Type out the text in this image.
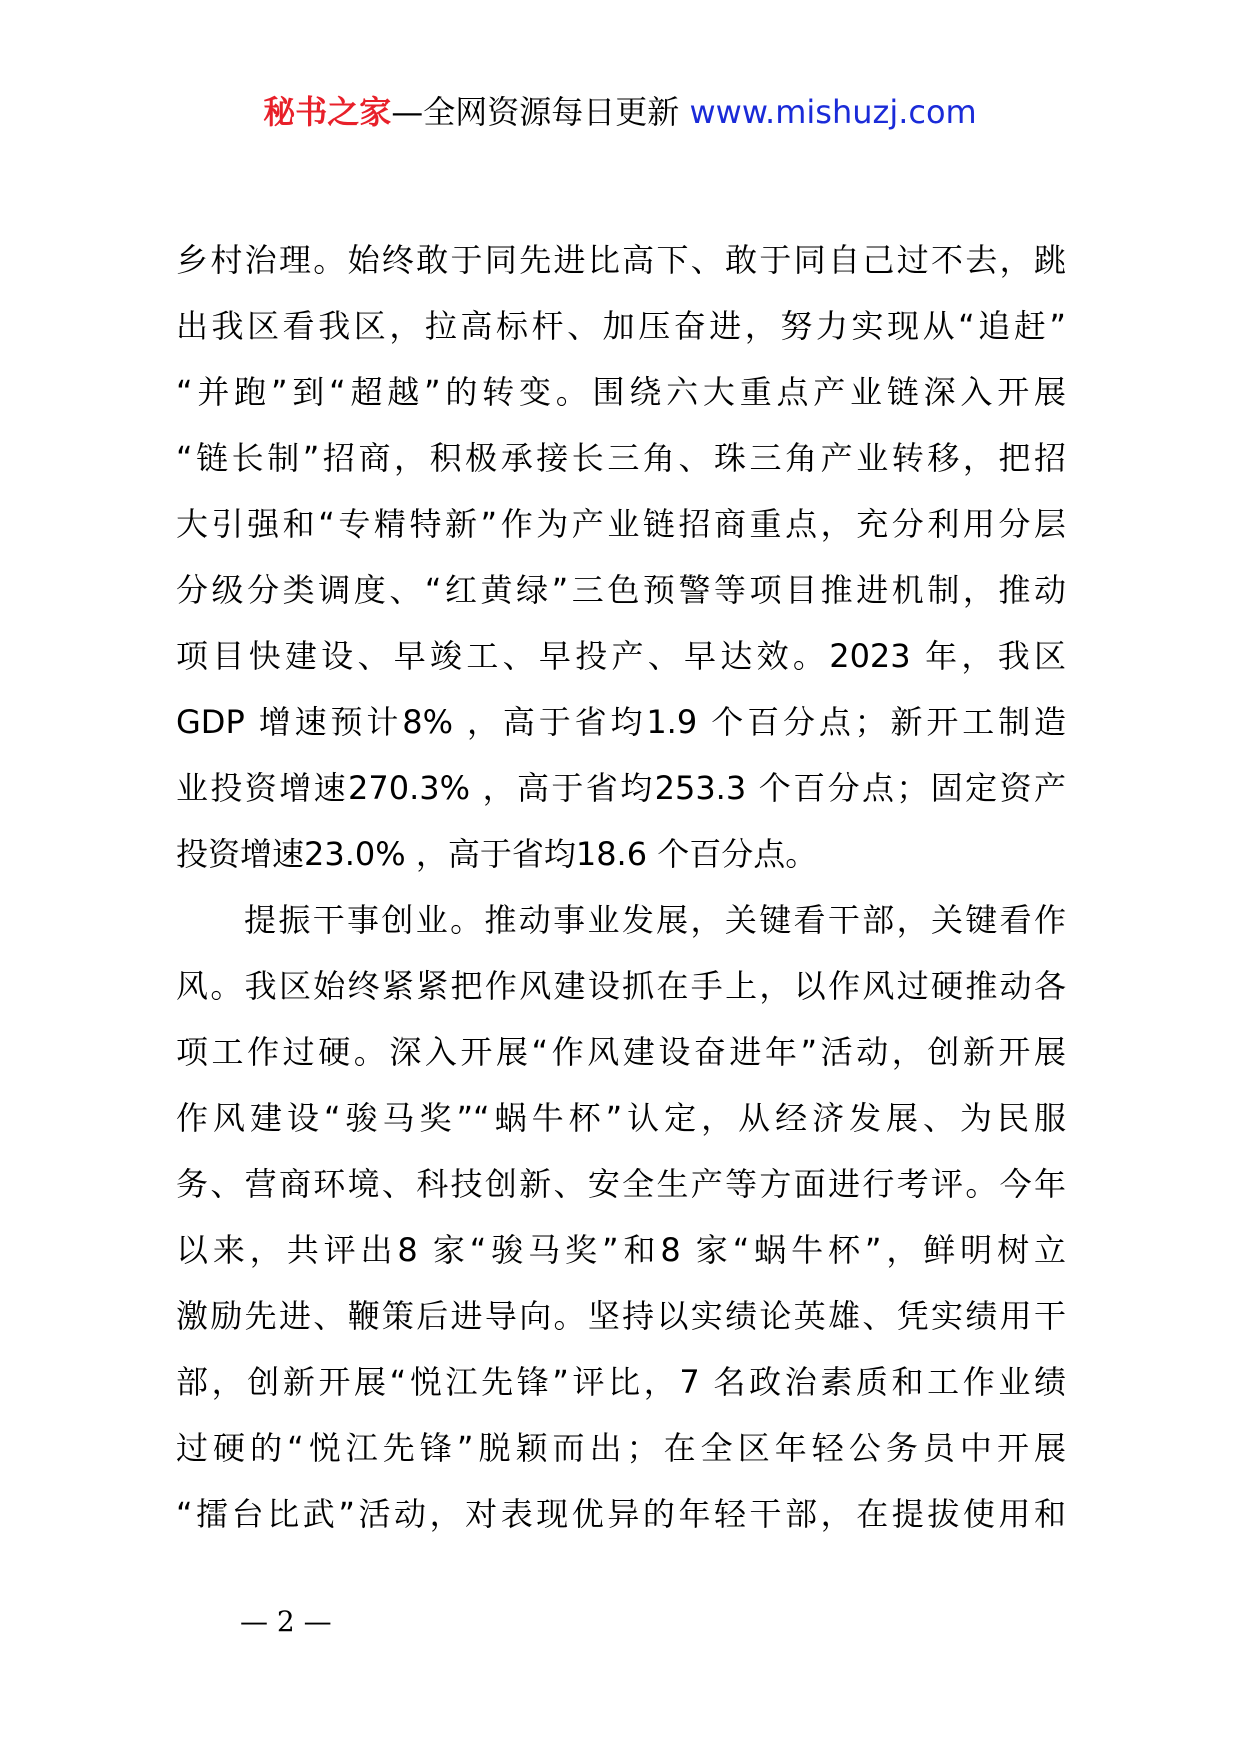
秘书之家—全网资源每日更新 www.mishuzj.com
乡村治理。始终敢于同先进比高下、敢于同自己过不去，跳
出我区看我区，拉高标杆、加压奋进，努力实现从“追赶”
“并跑”到“超越”的转变。围绕六大重点产业链深入开展
“链长制”招商，积极承接长三角、珠三角产业转移，把招
大引强和“专精特新”作为产业链招商重点，充分利用分层
分级分类调度、“红黄绿”三色预警等项目推进机制，推动
项目快建设、早竣工、早投产、早达效。2023 年，我区
GDP 增速预计8% ，高于省均1.9 个百分点；新开工制造
业投资增速270.3% ，高于省均253.3 个百分点；固定资产
投资增速23.0% ，高于省均18.6 个百分点。
提振干事创业。推动事业发展，关键看干部，关键看作
风。我区始终紧紧把作风建设抓在手上，以作风过硬推动各
项工作过硬。深入开展“作风建设奋进年”活动，创新开展
作风建设“骏马奖”“蜗牛杯”认定，从经济发展、为民服
务、营商环境、科技创新、安全生产等方面进行考评。今年
以来，共评出8 家“骏马奖”和8 家“蜗牛杯”，鲜明树立
激励先进、鞭策后进导向。坚持以实绩论英雄、凭实绩用干
部，创新开展“悦江先锋”评比，7 名政治素质和工作业绩
过硬的“悦江先锋”脱颖而出；在全区年轻公务员中开展
“擂台比武”活动，对表现优异的年轻干部，在提拔使用和
— 2 —
